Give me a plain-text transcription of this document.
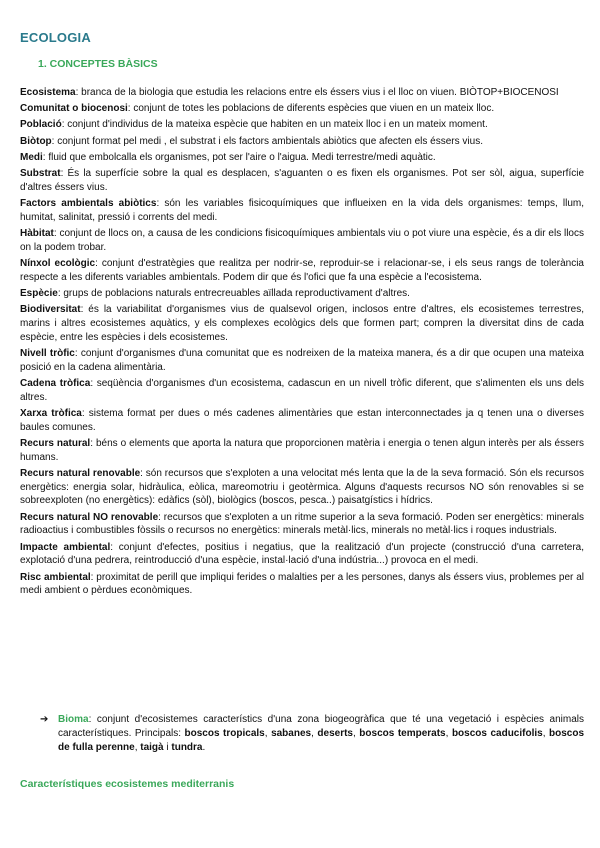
ECOLOGIA
1. CONCEPTES BÀSICS

Ecosistema: branca de la biologia que estudia les relacions entre els éssers vius i el lloc on viuen. BIÒTOP+BIOCENOSI

Comunitat o biocenosi: conjunt de totes les poblacions de diferents espècies que viuen en un mateix lloc.

Població: conjunt d'individus de la mateixa espècie que habiten en un mateix lloc i en un mateix moment.

Biòtop: conjunt format pel medi , el substrat i els factors ambientals abiòtics que afecten els éssers vius.

Medi: fluid que embolcalla els organismes, pot ser l'aire o l'aigua. Medi terrestre/medi aquàtic.

Substrat: És la superfície sobre la qual es desplacen, s'aguanten o es fixen els organismes. Pot ser sòl, aigua, superfície d'altres éssers vius.

Factors ambientals abiòtics: són les variables fisicoquímiques que influeixen en la vida dels organismes: temps, llum, humitat, salinitat, pressió i corrents del medi.

Hàbitat: conjunt de llocs on, a causa de les condicions fisicoquímiques ambientals viu o pot viure una espècie, és a dir els llocs on la podem trobar.

Nínxol ecològic: conjunt d'estratègies que realitza per nodrir-se, reproduir-se i relacionar-se, i els seus rangs de tolerància respecte a les diferents variables ambientals. Podem dir que és l'ofici que fa una espècie a l'ecosistema.

Espècie: grups de poblacions naturals entrecreuables aïllada reproductivament d'altres.

Biodiversitat: és la variabilitat d'organismes vius de qualsevol origen, inclosos entre d'altres, els ecosistemes terrestres, marins i altres ecosistemes aquàtics, y els complexes ecològics dels que formen part; compren la diversitat dins de cada espècie, entre les espècies i dels ecosistemes.

Nivell tròfic: conjunt d'organismes d'una comunitat que es nodreixen de la mateixa manera, és a dir que ocupen una mateixa posició en la cadena alimentària.

Cadena tròfica: seqüència d'organismes d'un ecosistema, cadascun en un nivell tròfic diferent, que s'alimenten els uns dels altres.

Xarxa tròfica: sistema format per dues o més cadenes alimentàries que estan interconnectades ja q tenen una o diverses baules comunes.

Recurs natural: béns o elements que aporta la natura que proporcionen matèria i energia o tenen algun interès per als éssers humans.

Recurs natural renovable: són recursos que s'exploten a una velocitat més lenta que la de la seva formació. Són els recursos energètics: energia solar, hidràulica, eòlica, mareomotriu i geotèrmica. Alguns d'aquests recursos NO són renovables si se sobreexploten (no energètics): edàfics (sòl), biològics (boscos, pesca..) paisatgístics i hídrics.

Recurs natural NO renovable: recursos que s'exploten a un ritme superior a la seva formació. Poden ser energètics: minerals radioactius i combustibles fòssils o recursos no energètics: minerals metàl·lics, minerals no metàl·lics i roques industrials.

Impacte ambiental: conjunt d'efectes, positius i negatius, que la realització d'un projecte (construcció d'una carretera, explotació d'una pedrera, reintroducció d'una espècie, instal·lació d'una indústria...) provoca en el medi.

Risc ambiental: proximitat de perill que impliqui ferides o malalties per a les persones, danys als éssers vius, problemes per al medi ambient o pèrdues econòmiques.

➔ Bioma: conjunt d'ecosistemes característics d'una zona biogeogràfica que té una vegetació i espècies animals característiques. Principals: boscos tropicals, sabanes, deserts, boscos temperats, boscos caducifolis, boscos de fulla perenne, taigà i tundra.
Característiques ecosistemes mediterranis
